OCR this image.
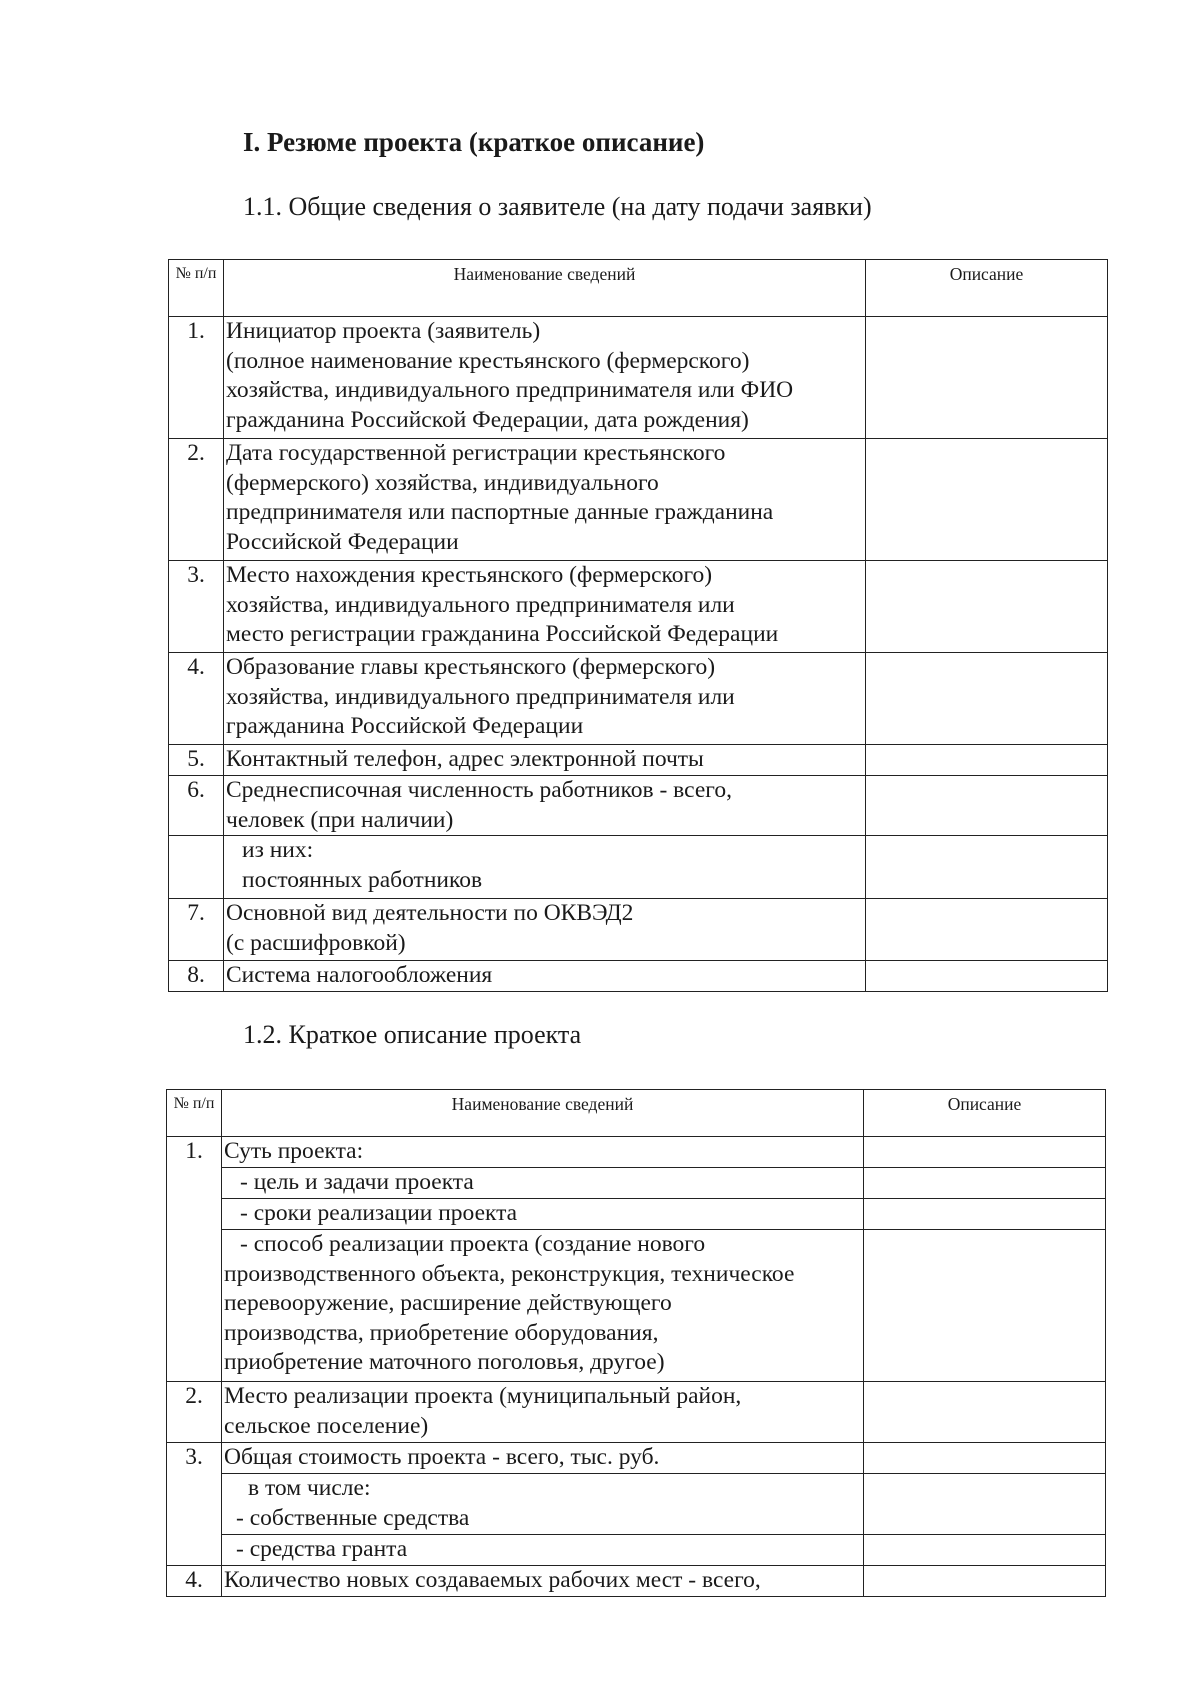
I. Резюме проекта (краткое описание)
1.1. Общие сведения о заявителе (на дату подачи заявки)
№ п/п	Наименование сведений	Описание
1.	Инициатор проекта (заявитель)
(полное наименование крестьянского (фермерского)
хозяйства, индивидуального предпринимателя или ФИО
гражданина Российской Федерации, дата рождения)	

2.	Дата государственной регистрации крестьянского
(фермерского) хозяйства, индивидуального
предпринимателя или паспортные данные гражданина
Российской Федерации	

3.	Место нахождения крестьянского (фермерского)
хозяйства, индивидуального предпринимателя или
место регистрации гражданина Российской Федерации	

4.	Образование главы крестьянского (фермерского)
хозяйства, индивидуального предпринимателя или
гражданина Российской Федерации	

5.	Контактный телефон, адрес электронной почты	

6.	Среднесписочная численность работников - всего,
человек (при наличии)	

	из них:
постоянных работников	

7.	Основной вид деятельности по ОКВЭД2
(с расшифровкой)	

8.	Система налогообложения	

1.2. Краткое описание проекта
№ п/п	Наименование сведений	Описание
1.	Суть проекта:	

	- цель и задачи проекта	

	- сроки реализации проекта	

	- способ реализации проекта (создание нового
производственного объекта, реконструкция, техническое
перевооружение, расширение действующего
производства, приобретение оборудования,
приобретение маточного поголовья, другое)	

2.	Место реализации проекта (муниципальный район,
сельское поселение)	

3.	Общая стоимость проекта - всего, тыс. руб.	

	в том числе:
- собственные средства	

	- средства гранта	

4.	Количество новых создаваемых рабочих мест - всего,	
